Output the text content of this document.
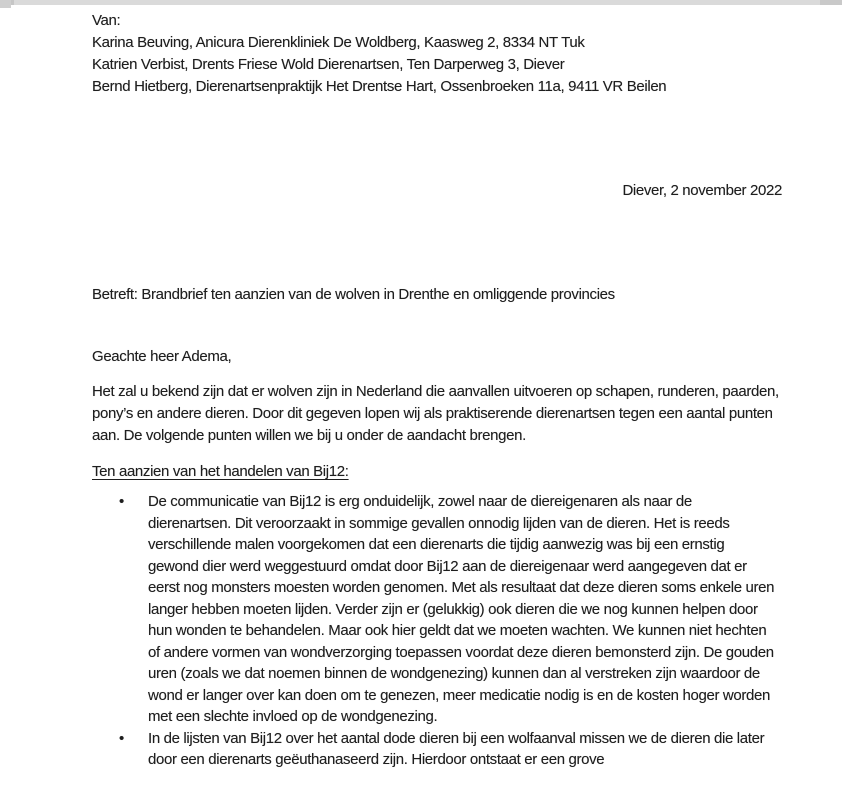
Van:

Karina Beuving, Anicura Dierenkliniek De Woldberg, Kaasweg 2, 8334 NT Tuk

Katrien Verbist, Drents Friese Wold Dierenartsen, Ten Darperweg 3, Diever

Bernd Hietberg, Dierenartsenpraktijk Het Drentse Hart, Ossenbroeken 11a, 9411 VR Beilen

Diever, 2 november 2022

Betreft: Brandbrief ten aanzien van de wolven in Drenthe en omliggende provincies

Geachte heer Adema,

Het zal u bekend zijn dat er wolven zijn in Nederland die aanvallen uitvoeren op schapen, runderen, paarden, pony’s en andere dieren. Door dit gegeven lopen wij als praktiserende dierenartsen tegen een aantal punten aan. De volgende punten willen we bij u onder de aandacht brengen.

Ten aanzien van het handelen van Bij12:

• De communicatie van Bij12 is erg onduidelijk, zowel naar de diereigenaren als naar de dierenartsen. Dit veroorzaakt in sommige gevallen onnodig lijden van de dieren. Het is reeds verschillende malen voorgekomen dat een dierenarts die tijdig aanwezig was bij een ernstig gewond dier werd weggestuurd omdat door Bij12 aan de diereigenaar werd aangegeven dat er eerst nog monsters moesten worden genomen. Met als resultaat dat deze dieren soms enkele uren langer hebben moeten lijden. Verder zijn er (gelukkig) ook dieren die we nog kunnen helpen door hun wonden te behandelen. Maar ook hier geldt dat we moeten wachten. We kunnen niet hechten of andere vormen van wondverzorging toepassen voordat deze dieren bemonsterd zijn. De gouden uren (zoals we dat noemen binnen de wondgenezing) kunnen dan al verstreken zijn waardoor de wond er langer over kan doen om te genezen, meer medicatie nodig is en de kosten hoger worden met een slechte invloed op de wondgenezing.
• In de lijsten van Bij12 over het aantal dode dieren bij een wolfaanval missen we de dieren die later door een dierenarts geëuthanaseerd zijn. Hierdoor ontstaat er een grove
